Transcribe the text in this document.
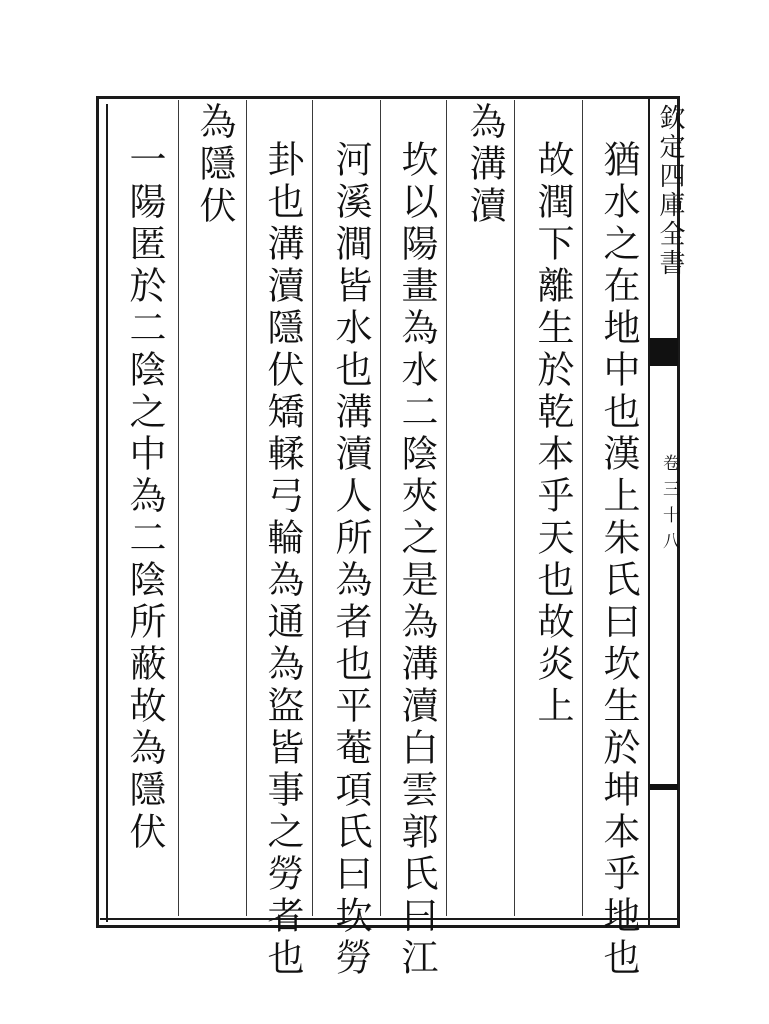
欽定四庫全書
卷三十八
猶水之在地中也漢上朱氏曰坎生於坤本乎地也
故潤下離生於乾本乎天也故炎上
為溝瀆
坎以陽畫為水二陰夾之是為溝瀆白雲郭氏曰江
河溪澗皆水也溝瀆人所為者也平菴項氏曰坎勞
卦也溝瀆隱伏矯輮弓輪為通為盜皆事之勞者也
為隱伏
一陽匿於二陰之中為二陰所蔽故為隱伏
